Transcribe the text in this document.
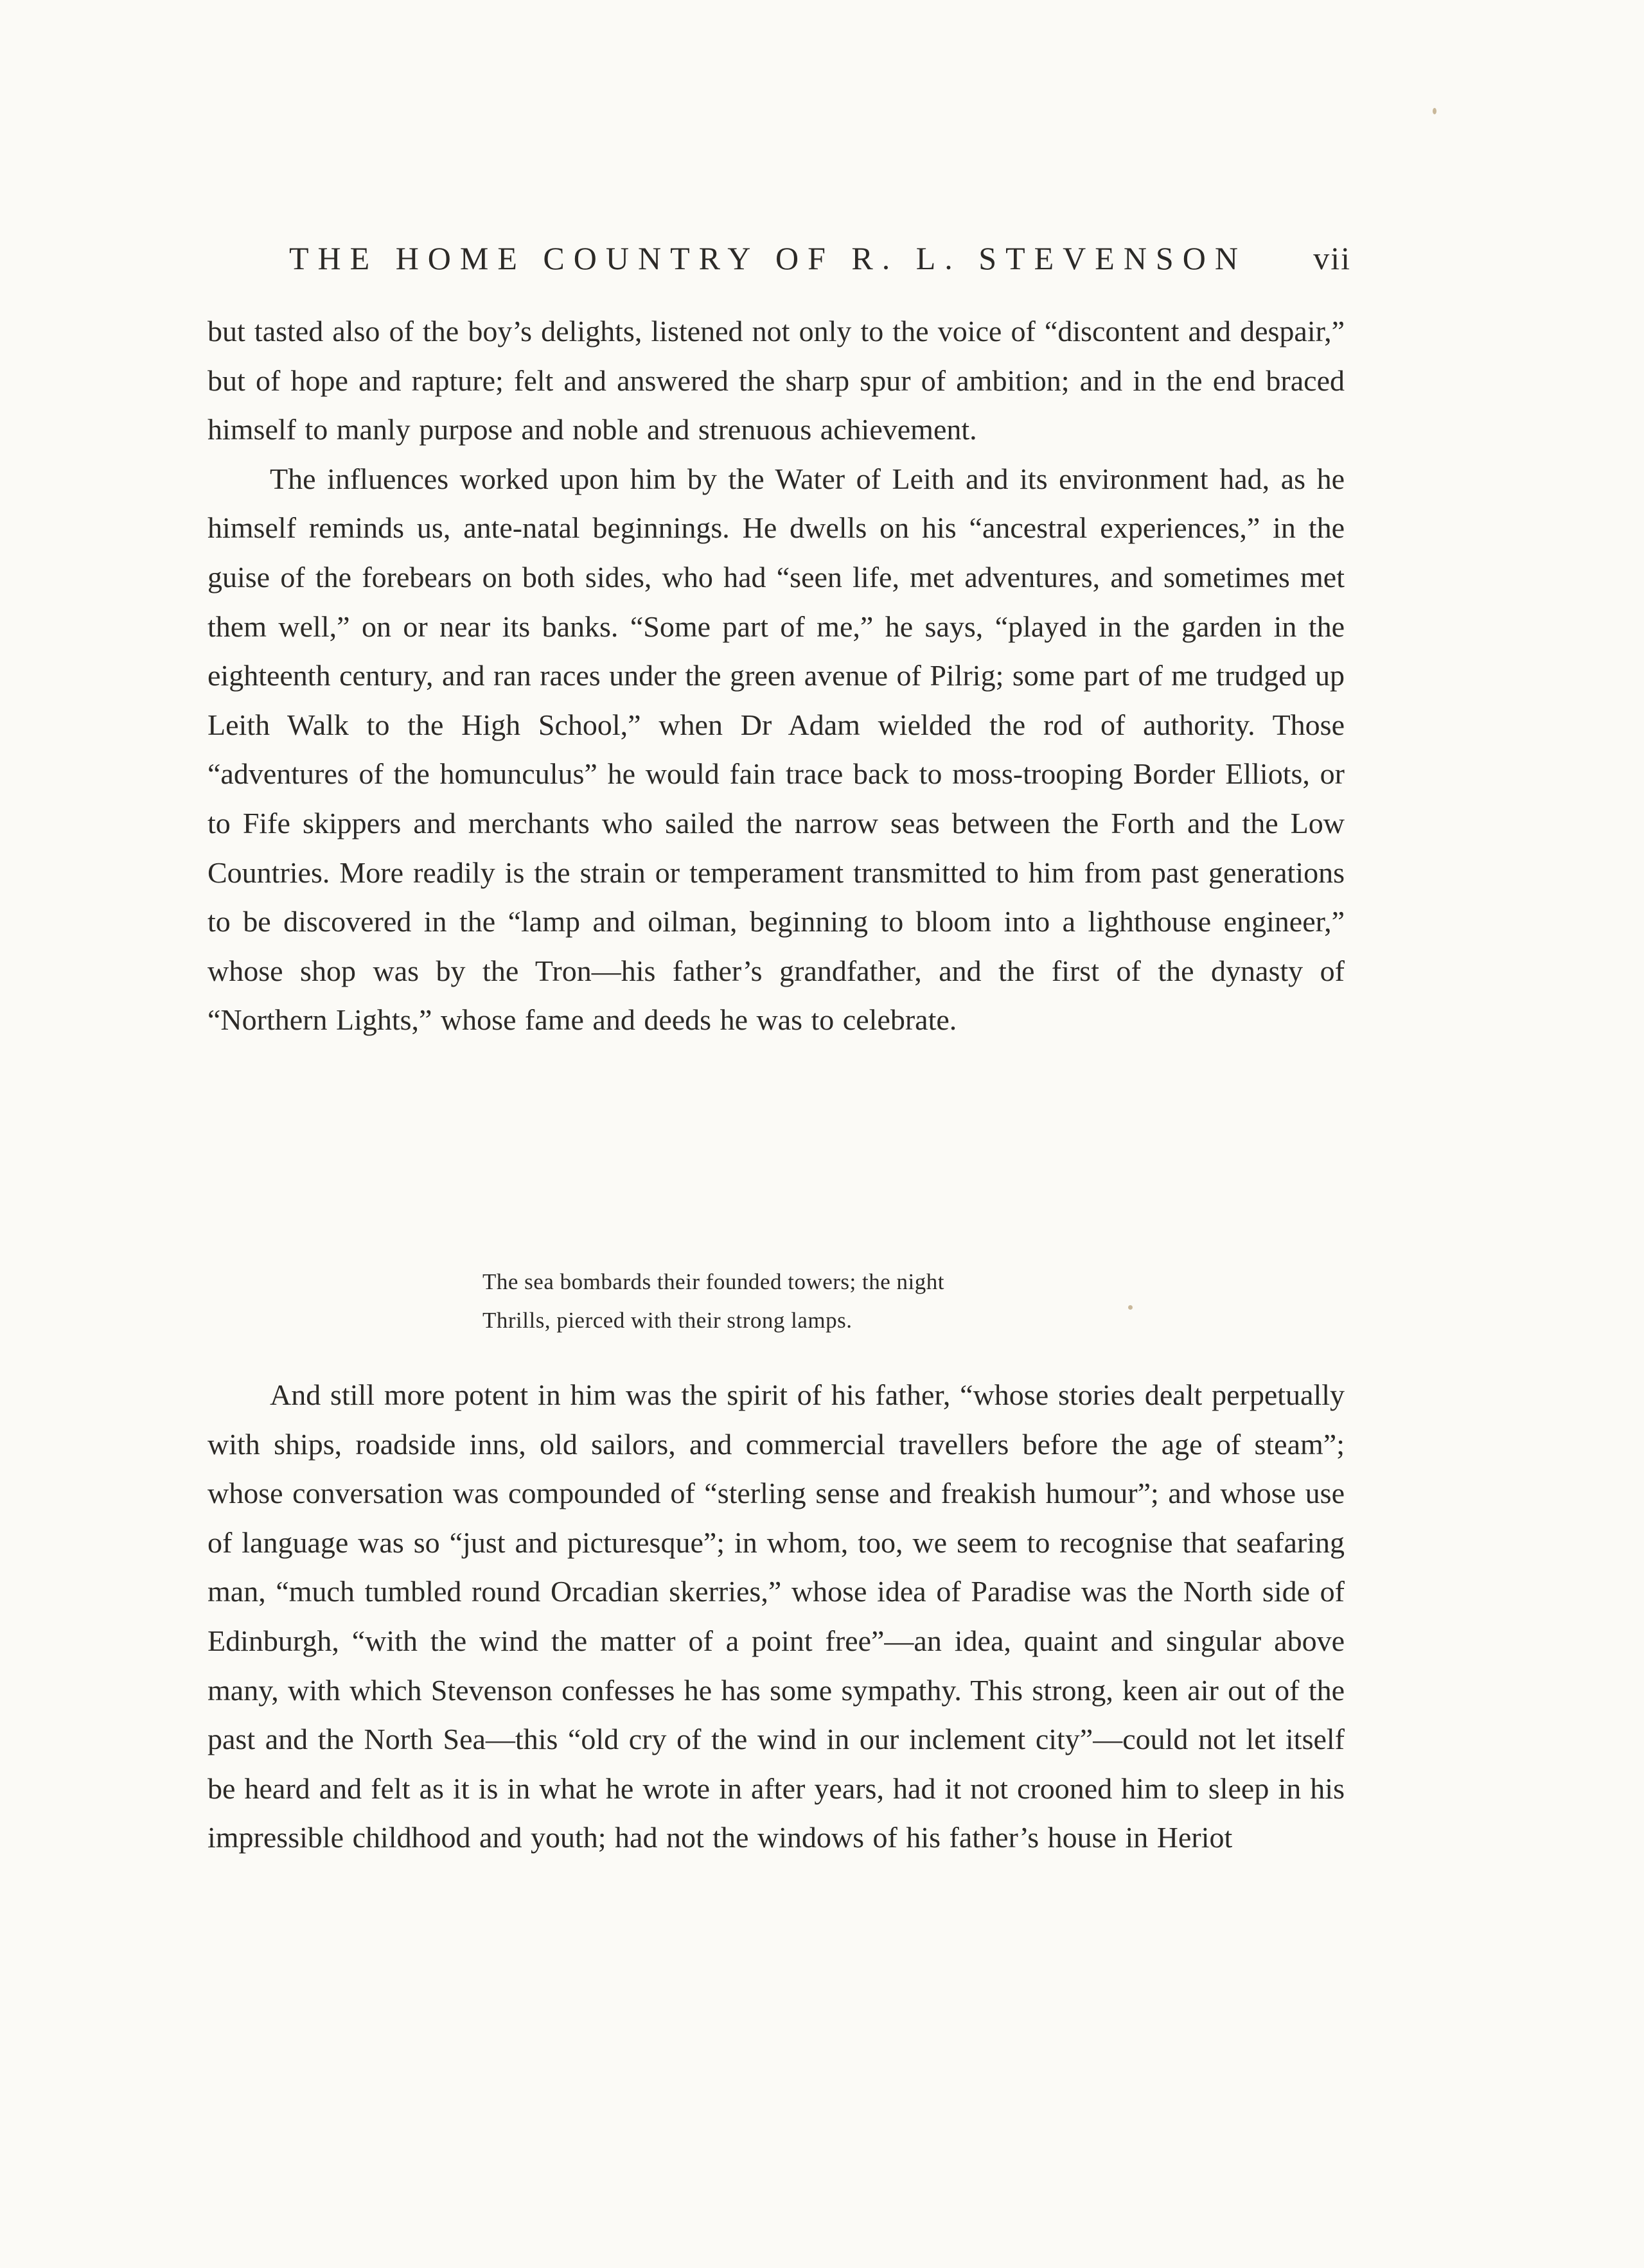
THE HOME COUNTRY OF R. L. STEVENSON vii

but tasted also of the boy’s delights, listened not only to the voice of “discontent and despair,” but of hope and rapture; felt and answered the sharp spur of ambition; and in the end braced himself to manly purpose and noble and strenuous achievement.

The influences worked upon him by the Water of Leith and its environment had, as he himself reminds us, ante-natal beginnings. He dwells on his “ancestral experiences,” in the guise of the forebears on both sides, who had “seen life, met adventures, and sometimes met them well,” on or near its banks. “Some part of me,” he says, “played in the garden in the eighteenth century, and ran races under the green avenue of Pilrig; some part of me trudged up Leith Walk to the High School,” when Dr Adam wielded the rod of authority. Those “adventures of the homunculus” he would fain trace back to moss-trooping Border Elliots, or to Fife skippers and merchants who sailed the narrow seas between the Forth and the Low Countries. More readily is the strain or temperament transmitted to him from past generations to be discovered in the “lamp and oilman, beginning to bloom into a lighthouse engineer,” whose shop was by the Tron—his father’s grandfather, and the first of the dynasty of “Northern Lights,” whose fame and deeds he was to celebrate.

The sea bombards their founded towers; the night
Thrills, pierced with their strong lamps.

And still more potent in him was the spirit of his father, “whose stories dealt perpetually with ships, roadside inns, old sailors, and commercial travellers before the age of steam”; whose conversation was compounded of “sterling sense and freakish humour”; and whose use of language was so “just and picturesque”; in whom, too, we seem to recognise that seafaring man, “much tumbled round Orcadian skerries,” whose idea of Paradise was the North side of Edinburgh, “with the wind the matter of a point free”—an idea, quaint and singular above many, with which Stevenson confesses he has some sympathy. This strong, keen air out of the past and the North Sea—this “old cry of the wind in our inclement city”—could not let itself be heard and felt as it is in what he wrote in after years, had it not crooned him to sleep in his impressible childhood and youth; had not the windows of his father’s house in Heriot
